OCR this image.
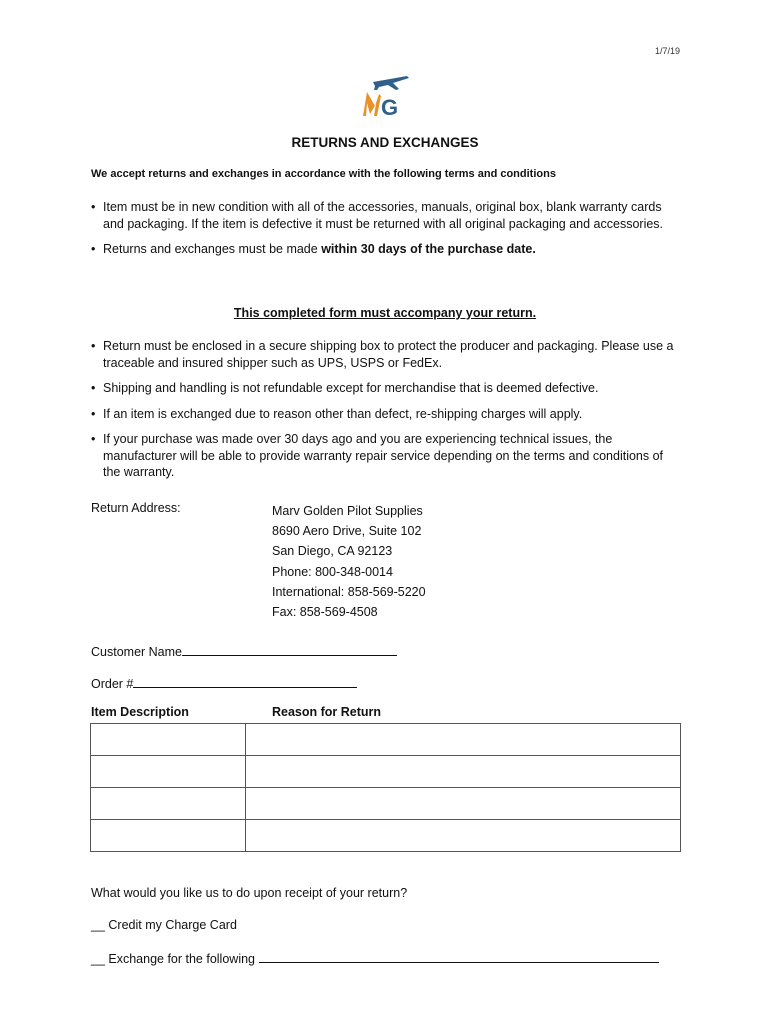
1/7/19
G
RETURNS AND EXCHANGES
We accept returns and exchanges in accordance with the following terms and conditions
• Item must be in new condition with all of the accessories, manuals, original box, blank warranty cards and packaging. If the item is defective it must be returned with all original packaging and accessories.
• Returns and exchanges must be made within 30 days of the purchase date.
This completed form must accompany your return.
• Return must be enclosed in a secure shipping box to protect the producer and packaging. Please use a traceable and insured shipper such as UPS, USPS or FedEx.
• Shipping and handling is not refundable except for merchandise that is deemed defective.
• If an item is exchanged due to reason other than defect, re-shipping charges will apply.
• If your purchase was made over 30 days ago and you are experiencing technical issues, the manufacturer will be able to provide warranty repair service depending on the terms and conditions of the warranty.
Return Address:	Marv Golden Pilot Supplies
8690 Aero Drive, Suite 102
San Diego, CA 92123
Phone: 800-348-0014
International: 858-569-5220
Fax: 858-569-4508
Customer Name
Order #
Item Description	Reason for Return

What would you like us to do upon receipt of your return?
__ Credit my Charge Card
__ Exchange for the following
